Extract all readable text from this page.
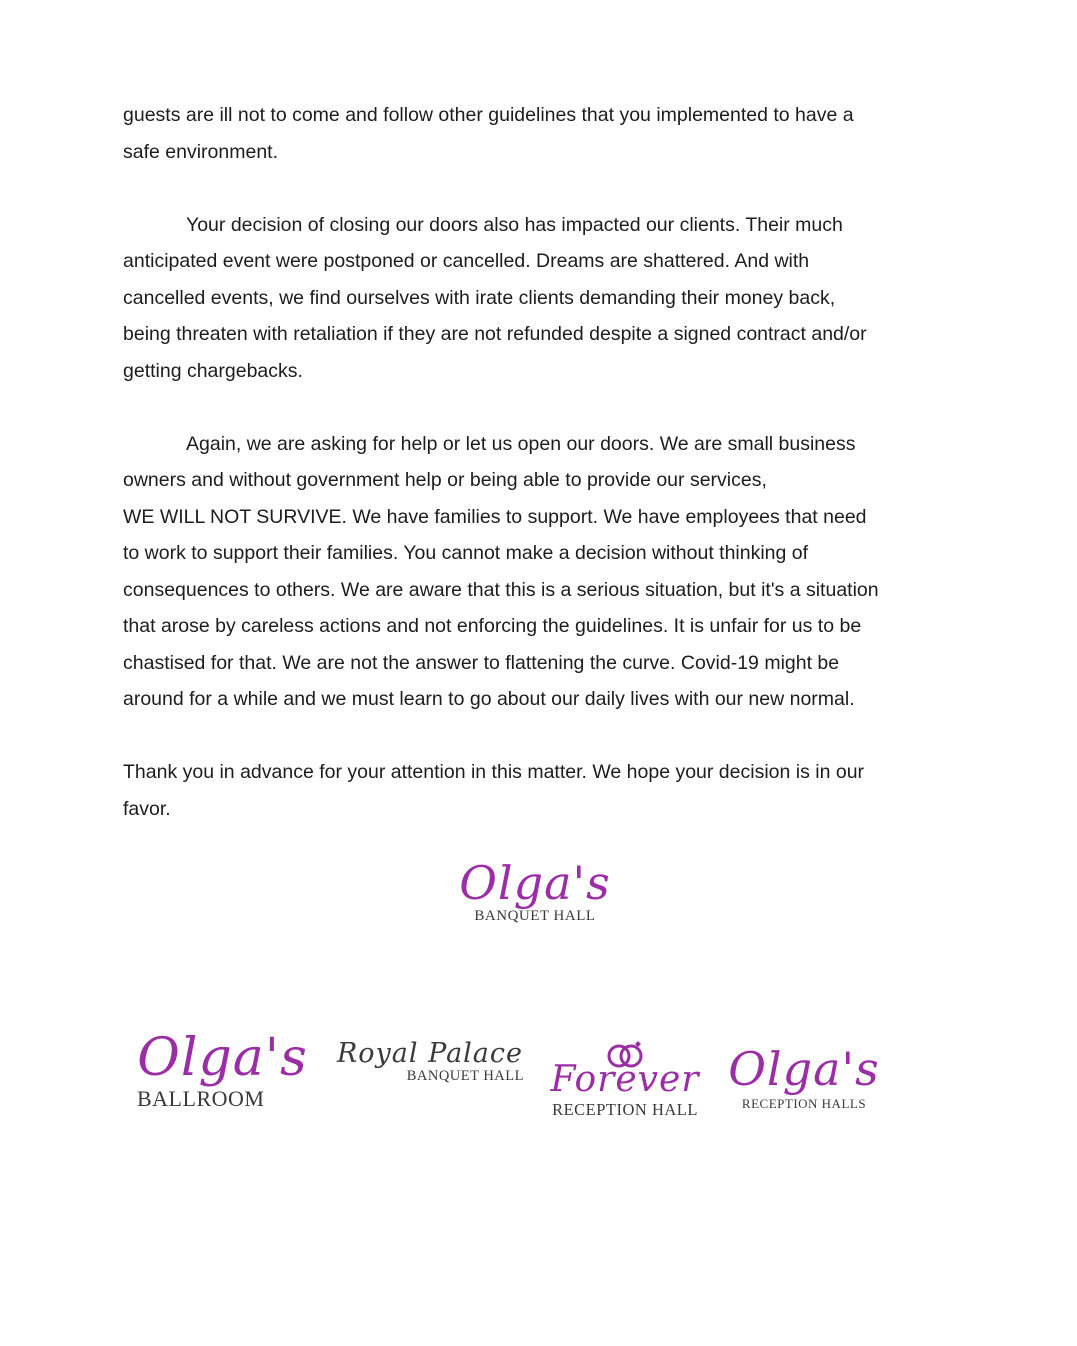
guests are ill not to come and follow other guidelines that you implemented to have a
safe environment.

Your decision of closing our doors also has impacted our clients. Their much
anticipated event were postponed or cancelled. Dreams are shattered. And with
cancelled events, we find ourselves with irate clients demanding their money back,
being threaten with retaliation if they are not refunded despite a signed contract and/or
getting chargebacks.

Again, we are asking for help or let us open our doors. We are small business
owners and without government help or being able to provide our services,
WE WILL NOT SURVIVE. We have families to support. We have employees that need
to work to support their families. You cannot make a decision without thinking of
consequences to others. We are aware that this is a serious situation, but it's a situation
that arose by careless actions and not enforcing the guidelines. It is unfair for us to be
chastised for that. We are not the answer to flattening the curve. Covid-19 might be
around for a while and we must learn to go about our daily lives with our new normal.

Thank you in advance for your attention in this matter. We hope your decision is in our
favor.

Olga's
BANQUET HALL
Olga's
BALLROOM
Royal Palace
BANQUET HALL Forever
RECEPTION HALL
Olga's
RECEPTION HALLS
